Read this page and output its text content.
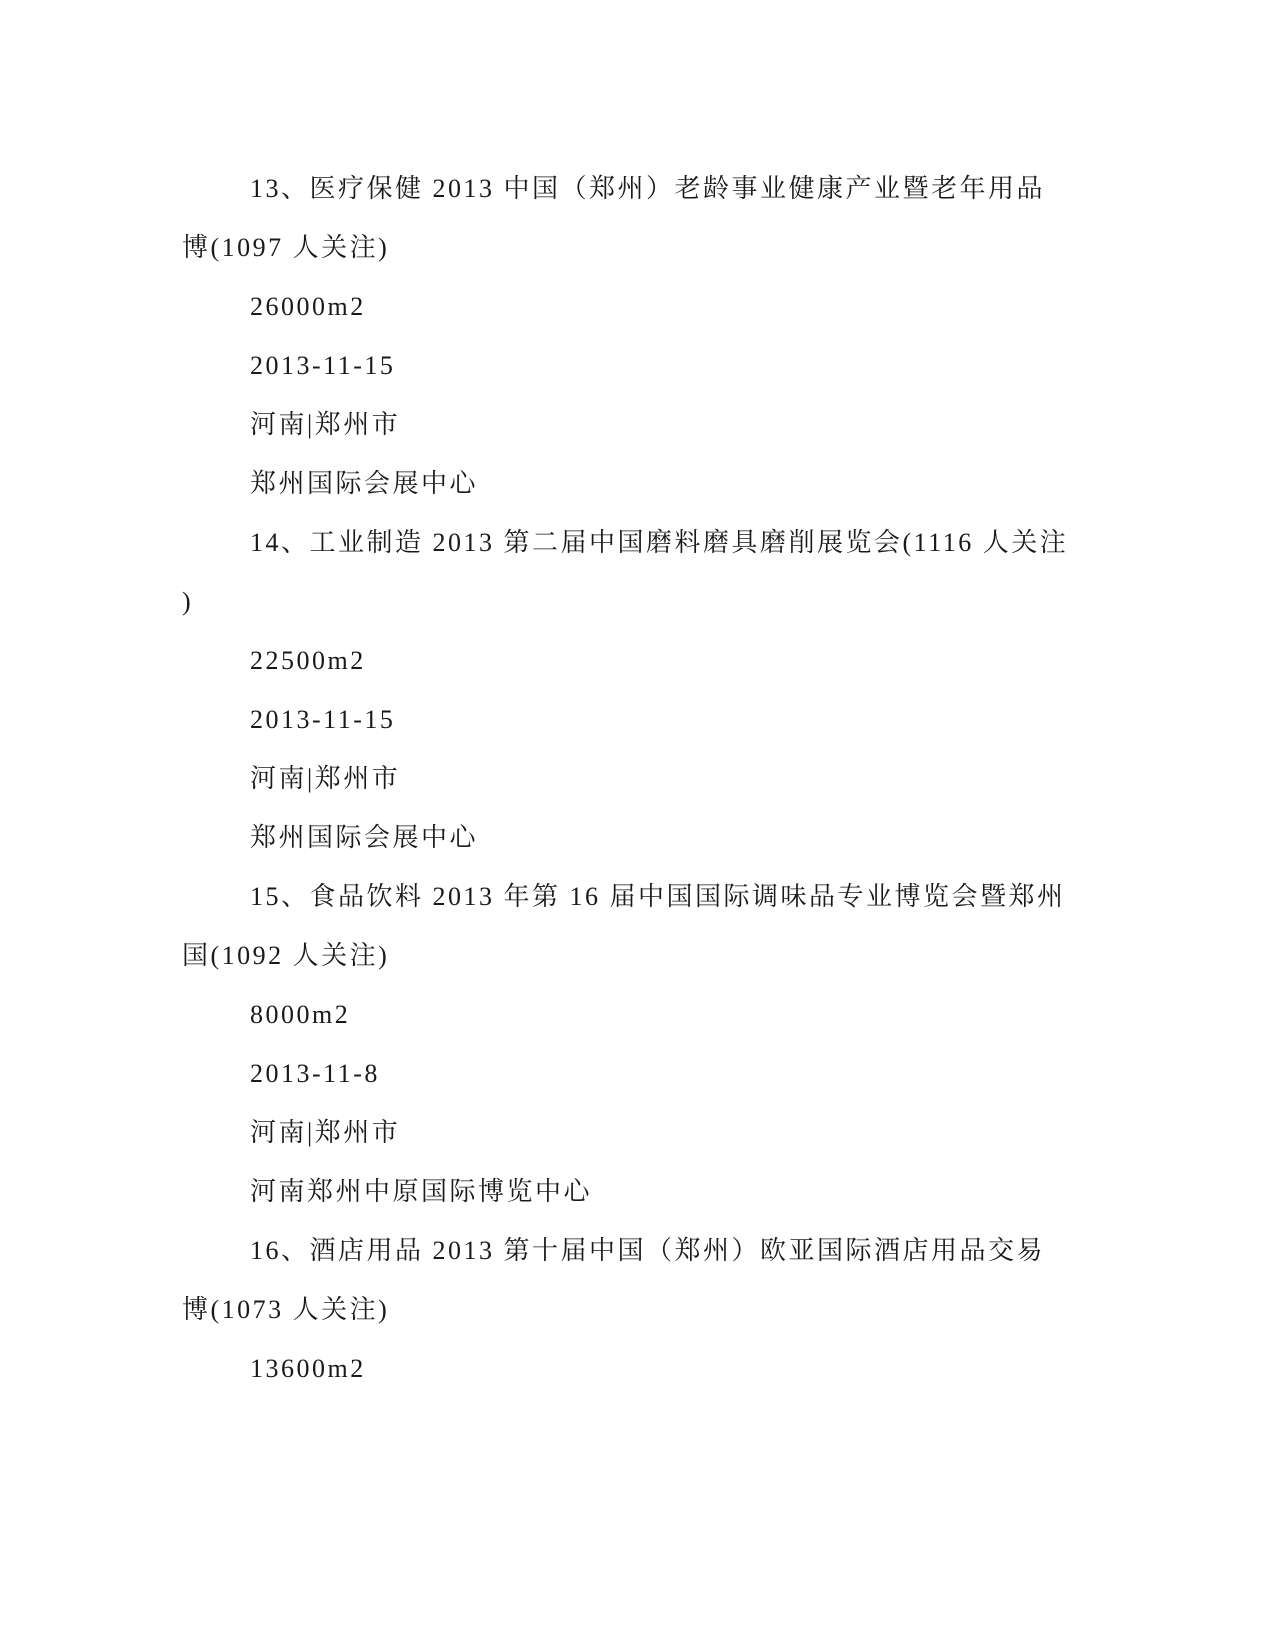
13、医疗保健 2013 中国（郑州）老龄事业健康产业暨老年用品
博(1097 人关注)
26000m2
2013-11-15
河南|郑州市
郑州国际会展中心
14、工业制造 2013 第二届中国磨料磨具磨削展览会(1116 人关注
)
22500m2
2013-11-15
河南|郑州市
郑州国际会展中心
15、食品饮料 2013 年第 16 届中国国际调味品专业博览会暨郑州
国(1092 人关注)
8000m2
2013-11-8
河南|郑州市
河南郑州中原国际博览中心
16、酒店用品 2013 第十届中国（郑州）欧亚国际酒店用品交易
博(1073 人关注)
13600m2
